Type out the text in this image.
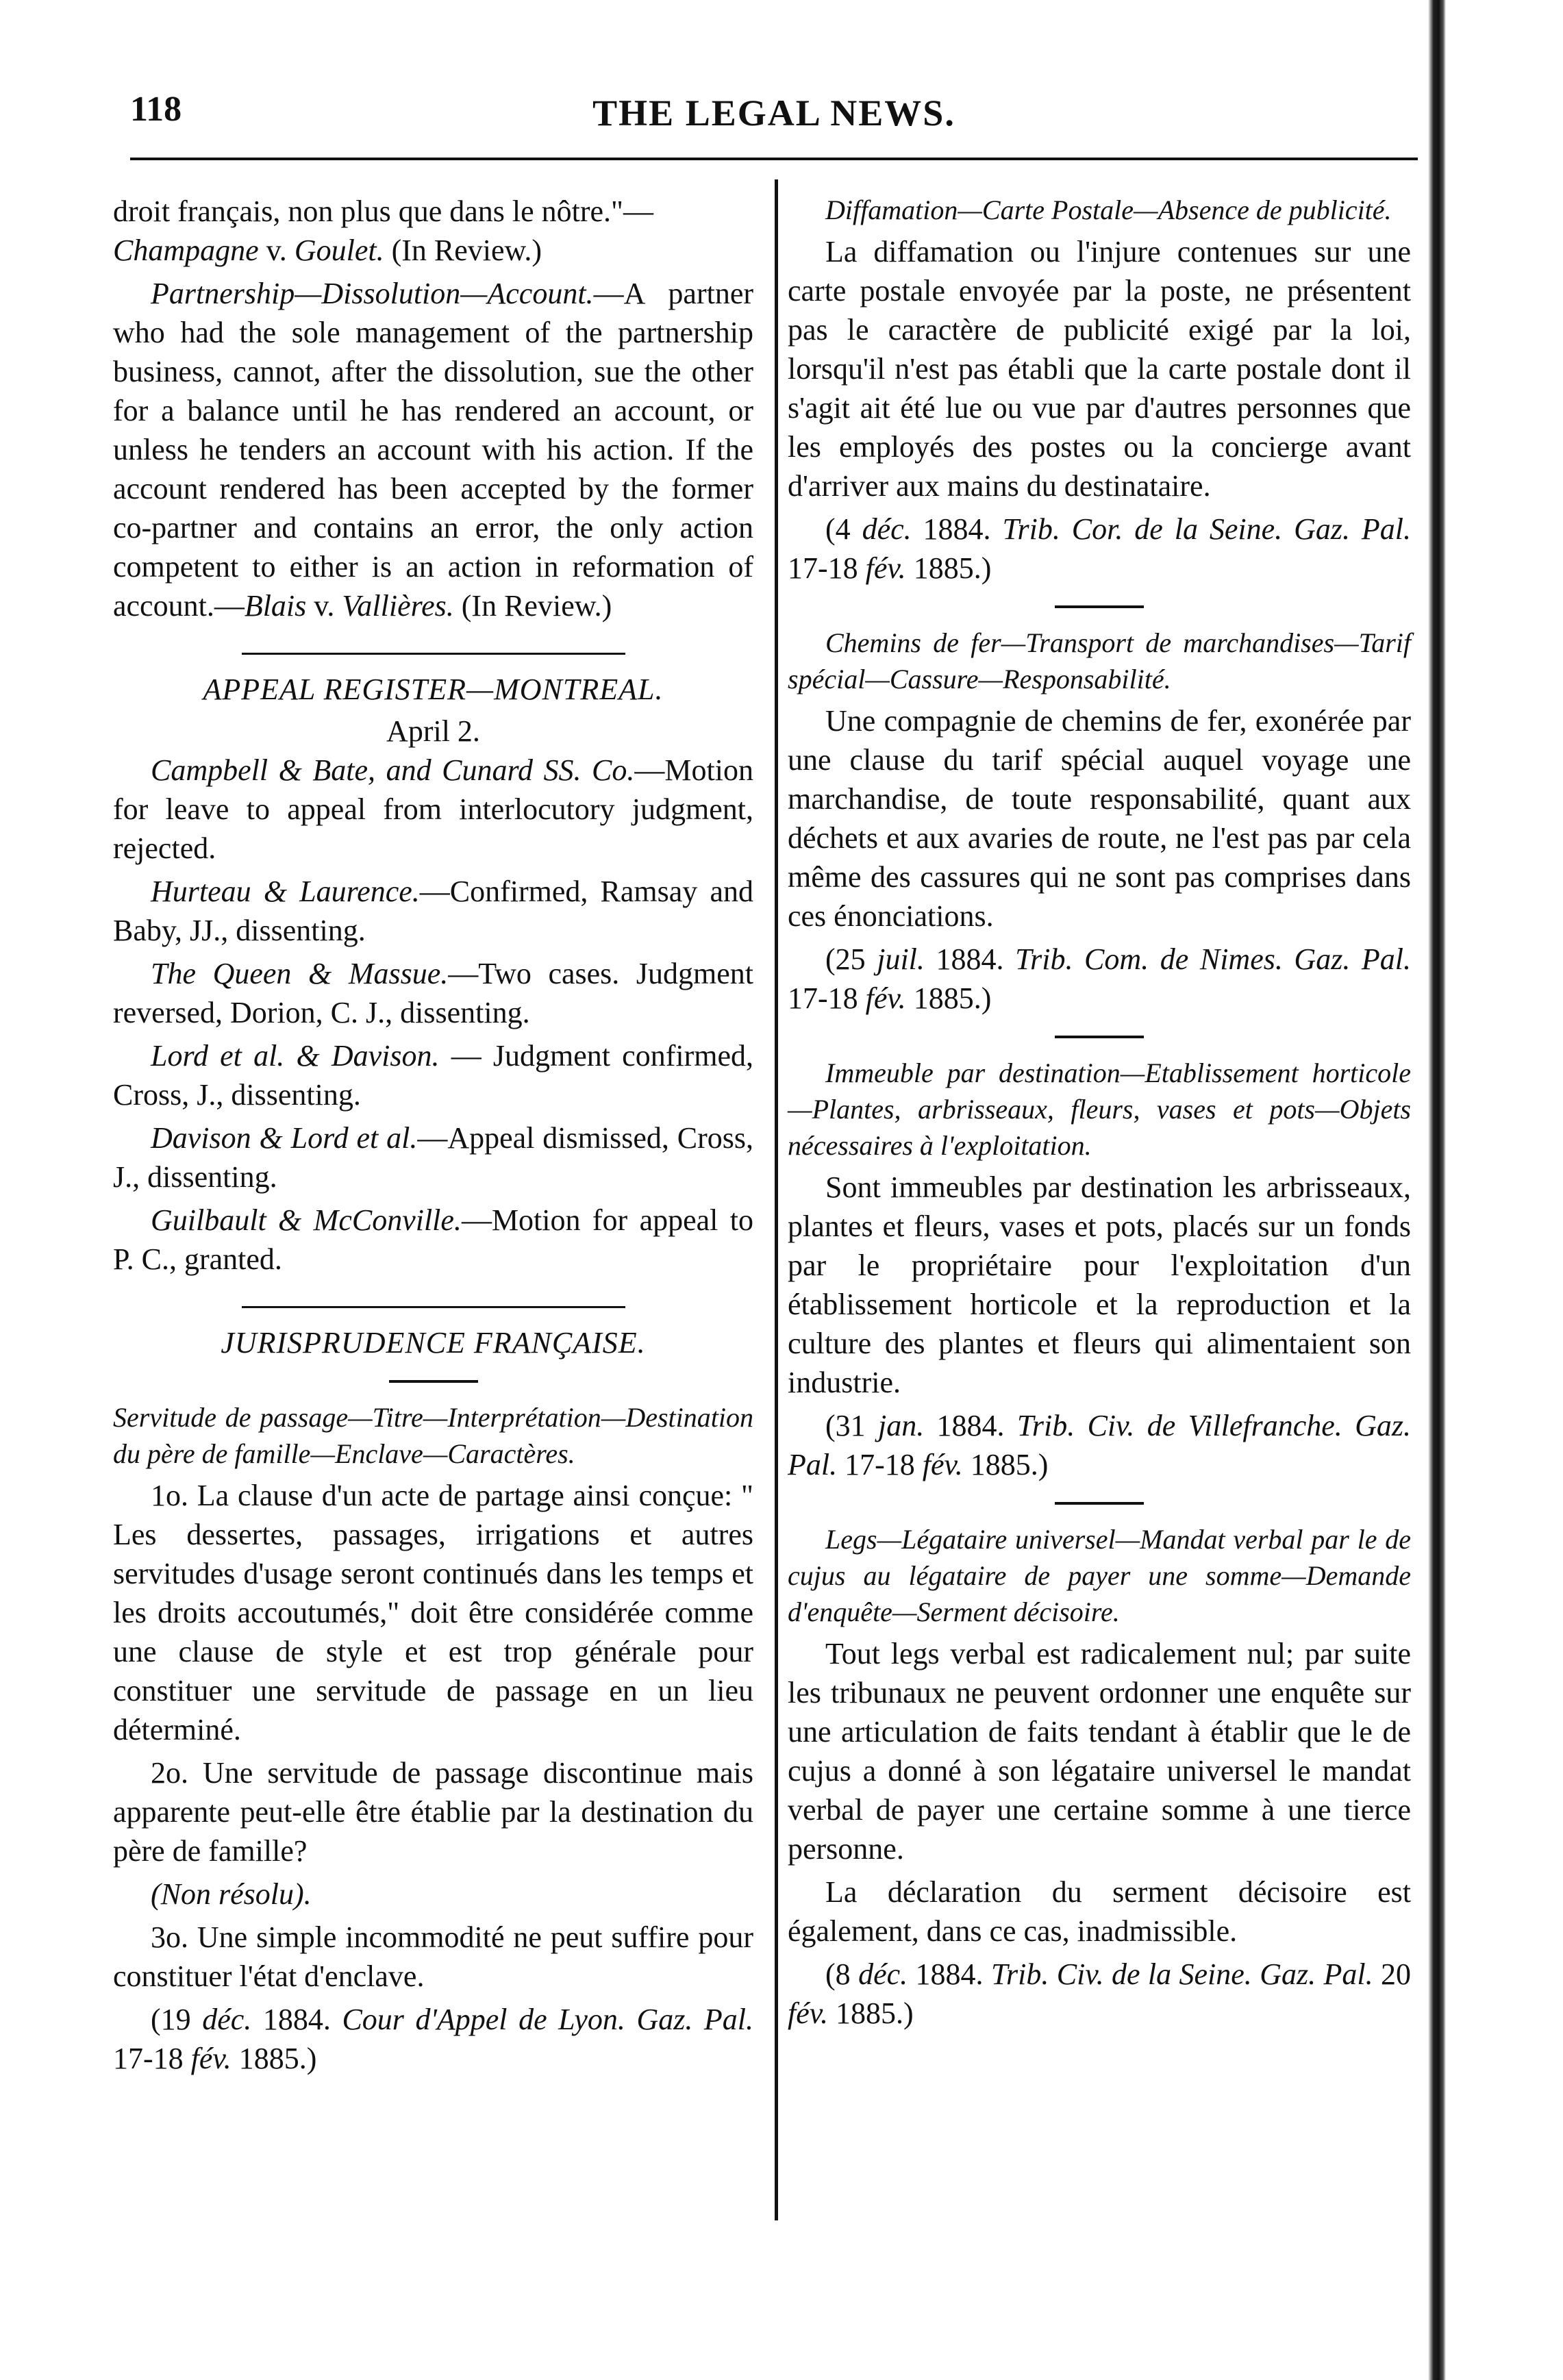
118	THE LEGAL NEWS.

droit français, non plus que dans le nôtre."—
Champagne v. Goulet. (In Review.)

Partnership—Dissolution—Account.—A partner who had the sole management of the partnership business, cannot, after the dissolution, sue the other for a balance until he has rendered an account, or unless he tenders an account with his action. If the account rendered has been accepted by the former co-partner and contains an error, the only action competent to either is an action in reformation of account.—Blais v. Vallières. (In Review.)

APPEAL REGISTER—MONTREAL.
April 2.

Campbell & Bate, and Cunard SS. Co.—Motion for leave to appeal from interlocutory judgment, rejected.

Hurteau & Laurence.—Confirmed, Ramsay and Baby, JJ., dissenting.

The Queen & Massue.—Two cases. Judgment reversed, Dorion, C. J., dissenting.

Lord et al. & Davison. — Judgment confirmed, Cross, J., dissenting.

Davison & Lord et al.—Appeal dismissed, Cross, J., dissenting.

Guilbault & McConville.—Motion for appeal to P. C., granted.

JURISPRUDENCE FRANÇAISE.

Servitude de passage—Titre—Interprétation—Destination du père de famille—Enclave—Caractères.

1o. La clause d'un acte de partage ainsi conçue: " Les dessertes, passages, irrigations et autres servitudes d'usage seront continués dans les temps et les droits accoutumés," doit être considérée comme une clause de style et est trop générale pour constituer une servitude de passage en un lieu déterminé.

2o. Une servitude de passage discontinue mais apparente peut-elle être établie par la destination du père de famille?

(Non résolu).

3o. Une simple incommodité ne peut suffire pour constituer l'état d'enclave.

(19 déc. 1884. Cour d'Appel de Lyon. Gaz. Pal. 17-18 fév. 1885.)

Diffamation—Carte Postale—Absence de publicité.

La diffamation ou l'injure contenues sur une carte postale envoyée par la poste, ne présentent pas le caractère de publicité exigé par la loi, lorsqu'il n'est pas établi que la carte postale dont il s'agit ait été lue ou vue par d'autres personnes que les employés des postes ou la concierge avant d'arriver aux mains du destinataire.

(4 déc. 1884. Trib. Cor. de la Seine. Gaz. Pal. 17-18 fév. 1885.)

Chemins de fer—Transport de marchandises—Tarif spécial—Cassure—Responsabilité.

Une compagnie de chemins de fer, exonérée par une clause du tarif spécial auquel voyage une marchandise, de toute responsabilité, quant aux déchets et aux avaries de route, ne l'est pas par cela même des cassures qui ne sont pas comprises dans ces énonciations.

(25 juil. 1884. Trib. Com. de Nimes. Gaz. Pal. 17-18 fév. 1885.)

Immeuble par destination—Etablissement horticole—Plantes, arbrisseaux, fleurs, vases et pots—Objets nécessaires à l'exploitation.

Sont immeubles par destination les arbrisseaux, plantes et fleurs, vases et pots, placés sur un fonds par le propriétaire pour l'exploitation d'un établissement horticole et la reproduction et la culture des plantes et fleurs qui alimentaient son industrie.

(31 jan. 1884. Trib. Civ. de Villefranche. Gaz. Pal. 17-18 fév. 1885.)

Legs—Légataire universel—Mandat verbal par le de cujus au légataire de payer une somme—Demande d'enquête—Serment décisoire.

Tout legs verbal est radicalement nul; par suite les tribunaux ne peuvent ordonner une enquête sur une articulation de faits tendant à établir que le de cujus a donné à son légataire universel le mandat verbal de payer une certaine somme à une tierce personne.

La déclaration du serment décisoire est également, dans ce cas, inadmissible.

(8 déc. 1884. Trib. Civ. de la Seine. Gaz. Pal. 20 fév. 1885.)
